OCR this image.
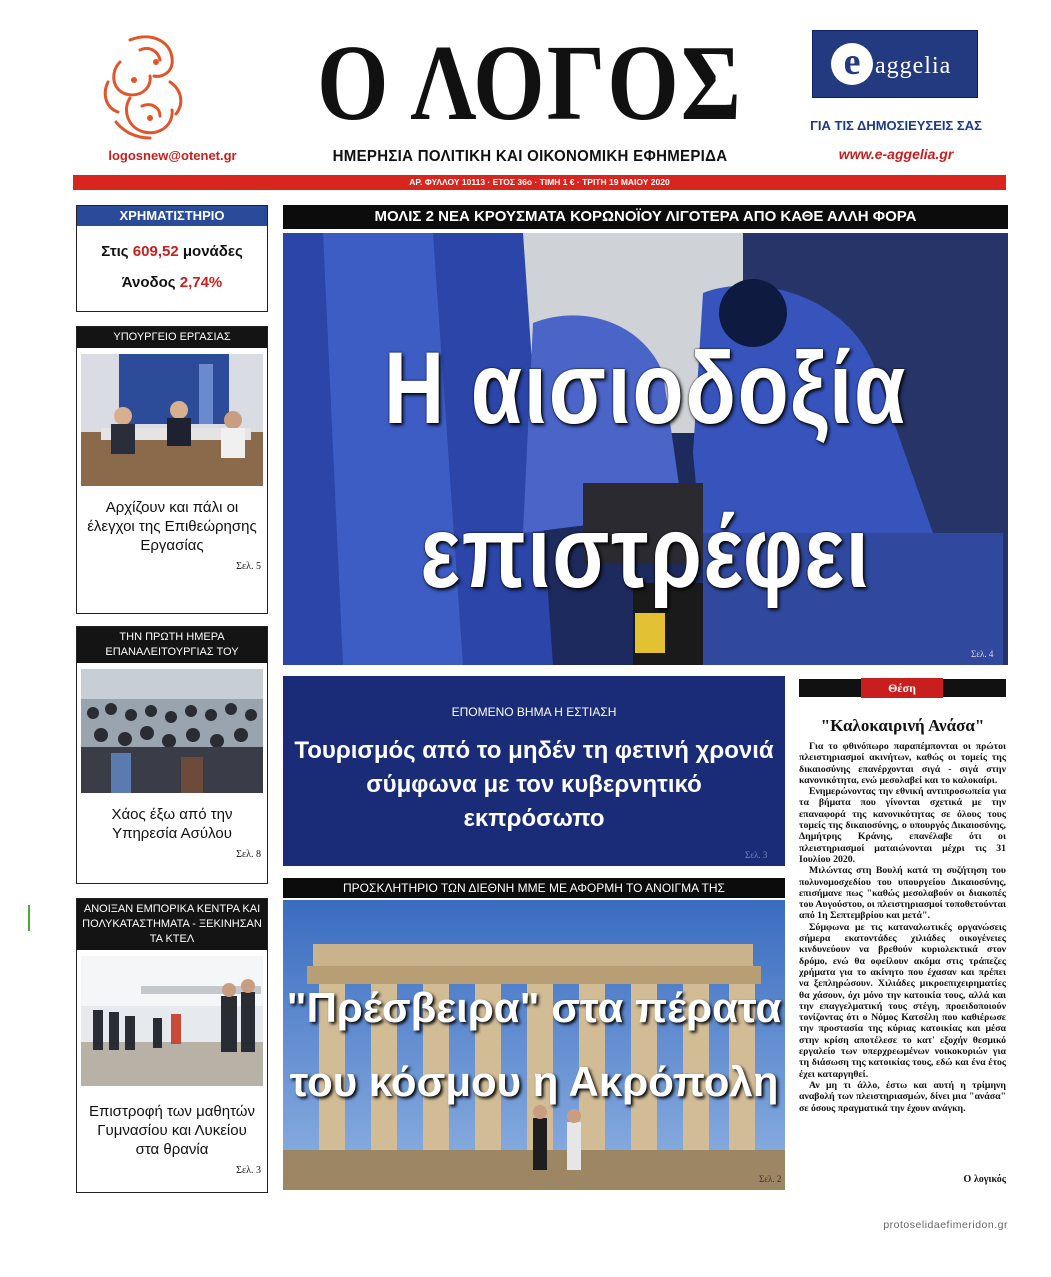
logosnew@otenet.gr
Ο ΛΟΓΟΣ
ΗΜΕΡΗΣΙΑ ΠΟΛΙΤΙΚΗ ΚΑΙ ΟΙΚΟΝΟΜΙΚΗ ΕΦΗΜΕΡΙΔΑ
e aggelia
ΓΙΑ ΤΙΣ ΔΗΜΟΣΙΕΥΣΕΙΣ ΣΑΣ
www.e-aggelia.gr
ΑΡ. ΦΥΛΛΟΥ 10113 · ΕΤΟΣ 36ο · ΤΙΜΗ 1 € · ΤΡΙΤΗ 19 ΜΑΙΟΥ 2020
ΧΡΗΜΑΤΙΣΤΗΡΙΟ
Στις 609,52 μονάδες
Άνοδος 2,74%
ΥΠΟΥΡΓΕΙΟ ΕΡΓΑΣΙΑΣ
Αρχίζουν και πάλι οι έλεγχοι της Επιθεώρησης Εργασίας
Σελ. 5
ΤΗΝ ΠΡΩΤΗ ΗΜΕΡΑ ΕΠΑΝΑΛΕΙΤΟΥΡΓΙΑΣ ΤΟΥ
Χάος έξω από την Υπηρεσία Ασύλου
Σελ. 8
ΑΝΟΙΞΑΝ ΕΜΠΟΡΙΚΑ ΚΕΝΤΡΑ ΚΑΙ ΠΟΛΥΚΑΤΑΣΤΗΜΑΤΑ - ΞΕΚΙΝΗΣΑΝ ΤΑ ΚΤΕΛ
Επιστροφή των μαθητών Γυμνασίου και Λυκείου στα θρανία
Σελ. 3
ΜΟΛΙΣ 2 ΝΕΑ ΚΡΟΥΣΜΑΤΑ ΚΟΡΩΝΟΪΟΥ ΛΙΓΟΤΕΡΑ ΑΠΟ ΚΑΘΕ ΑΛΛΗ ΦΟΡΑ
Η αισιοδοξία
επιστρέφει
Σελ. 4
ΕΠΟΜΕΝΟ ΒΗΜΑ Η ΕΣΤΙΑΣΗ
Τουρισμός από το μηδέν τη φετινή χρονιά σύμφωνα με τον κυβερνητικό εκπρόσωπο
Σελ. 3
ΠΡΟΣΚΛΗΤΗΡΙΟ ΤΩΝ ΔΙΕΘΝΗ ΜΜΕ ΜΕ ΑΦΟΡΜΗ ΤΟ ΑΝΟΙΓΜΑ ΤΗΣ
"Πρέσβειρα" στα πέρατα
του κόσμου η Ακρόπολη
Σελ. 2
Θέση
"Καλοκαιρινή Ανάσα"

Για το φθινόπωρο παραπέμπονται οι πρώτοι πλειστηριασμοί ακινήτων, καθώς οι τομείς της δικαιοσύνης επανέρχονται σιγά - σιγά στην κανονικότητα, ενώ μεσολαβεί και το καλοκαίρι.

Ενημερώνοντας την εθνική αντιπροσωπεία για τα βήματα που γίνονται σχετικά με την επαναφορά της κανονικότητας σε όλους τους τομείς της δικαιοσύνης, ο υπουργός Δικαιοσύνης, Δημήτρης Κράνης, επανέλαβε ότι οι πλειστηριασμοί ματαιώνονται μέχρι τις 31 Ιουλίου 2020.

Μιλώντας στη Βουλή κατά τη συζήτηση του πολυνομοσχεδίου του υπουργείου Δικαιοσύνης, επισήμανε πως "καθώς μεσολαβούν οι διακοπές του Αυγούστου, οι πλειστηριασμοί τοποθετούνται από 1η Σεπτεμβρίου και μετά".

Σύμφωνα με τις καταναλωτικές οργανώσεις σήμερα εκατοντάδες χιλιάδες οικογένειες κινδυνεύουν να βρεθούν κυριολεκτικά στον δρόμο, ενώ θα οφείλουν ακόμα στις τράπεζες χρήματα για το ακίνητο που έχασαν και πρέπει να ξεπληρώσουν. Χιλιάδες μικροεπιχειρηματίες θα χάσουν, όχι μόνο την κατοικία τους, αλλά και την επαγγελματική τους στέγη, προειδοποιούν τονίζοντας ότι ο Νόμος Κατσέλη που καθιέρωσε την προστασία της κύριας κατοικίας και μέσα στην κρίση αποτέλεσε το κατ' εξοχήν θεσμικό εργαλείο των υπερχρεωμένων νοικοκυριών για τη διάσωση της κατοικίας τους, εδώ και ένα έτος έχει καταργηθεί.

Αν μη τι άλλο, έστω και αυτή η τρίμηνη αναβολή των πλειστηριασμών, δίνει μια "ανάσα" σε όσους πραγματικά την έχουν ανάγκη.

Ο λογικός
protoselidaefimeridon.gr
